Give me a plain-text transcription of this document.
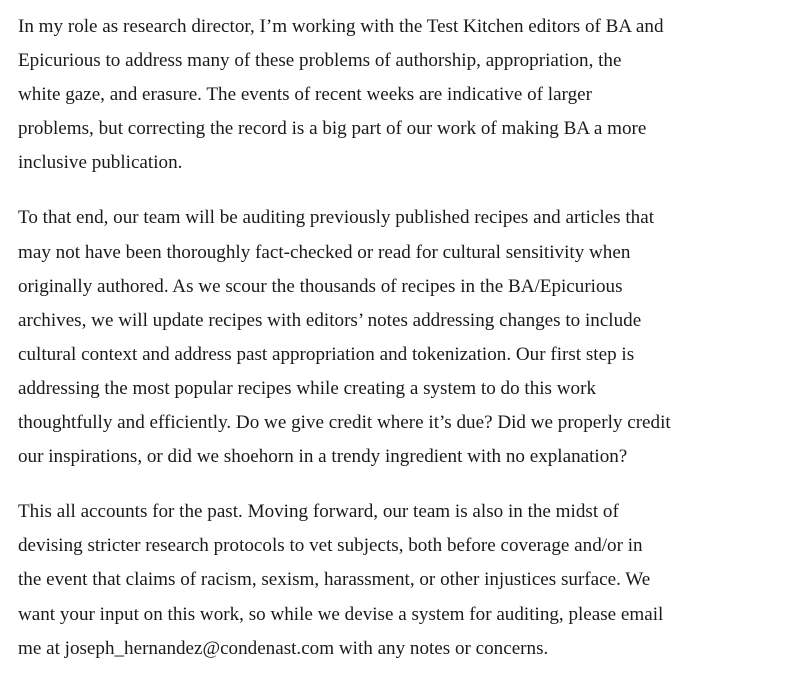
In my role as research director, I’m working with the Test Kitchen editors of BA and
Epicurious to address many of these problems of authorship, appropriation, the
white gaze, and erasure. The events of recent weeks are indicative of larger
problems, but correcting the record is a big part of our work of making BA a more
inclusive publication.

To that end, our team will be auditing previously published recipes and articles that
may not have been thoroughly fact-checked or read for cultural sensitivity when
originally authored. As we scour the thousands of recipes in the BA/Epicurious
archives, we will update recipes with editors’ notes addressing changes to include
cultural context and address past appropriation and tokenization. Our first step is
addressing the most popular recipes while creating a system to do this work
thoughtfully and efficiently. Do we give credit where it’s due? Did we properly credit
our inspirations, or did we shoehorn in a trendy ingredient with no explanation?

This all accounts for the past. Moving forward, our team is also in the midst of
devising stricter research protocols to vet subjects, both before coverage and/or in
the event that claims of racism, sexism, harassment, or other injustices surface. We
want your input on this work, so while we devise a system for auditing, please email
me at joseph_hernandez@condenast.com with any notes or concerns.
